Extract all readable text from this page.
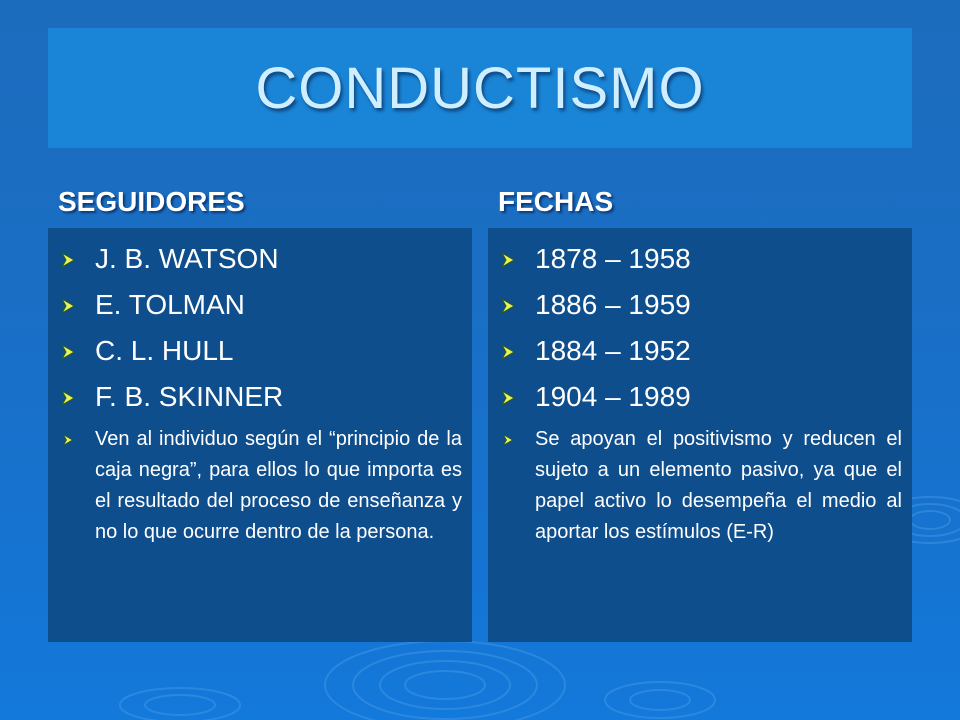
CONDUCTISMO
SEGUIDORES	FECHAS
J. B. WATSON
E. TOLMAN
C. L. HULL
F. B. SKINNER
Ven al individuo según el “principio de la caja negra”, para ellos lo que importa es el resultado del proceso de enseñanza y no lo que ocurre dentro de la persona.
1878 – 1958
1886 – 1959
1884 – 1952
1904 – 1989
Se apoyan el positivismo y reducen el sujeto a un elemento pasivo, ya que el papel activo lo desempeña el medio al aportar los estímulos (E-R)
